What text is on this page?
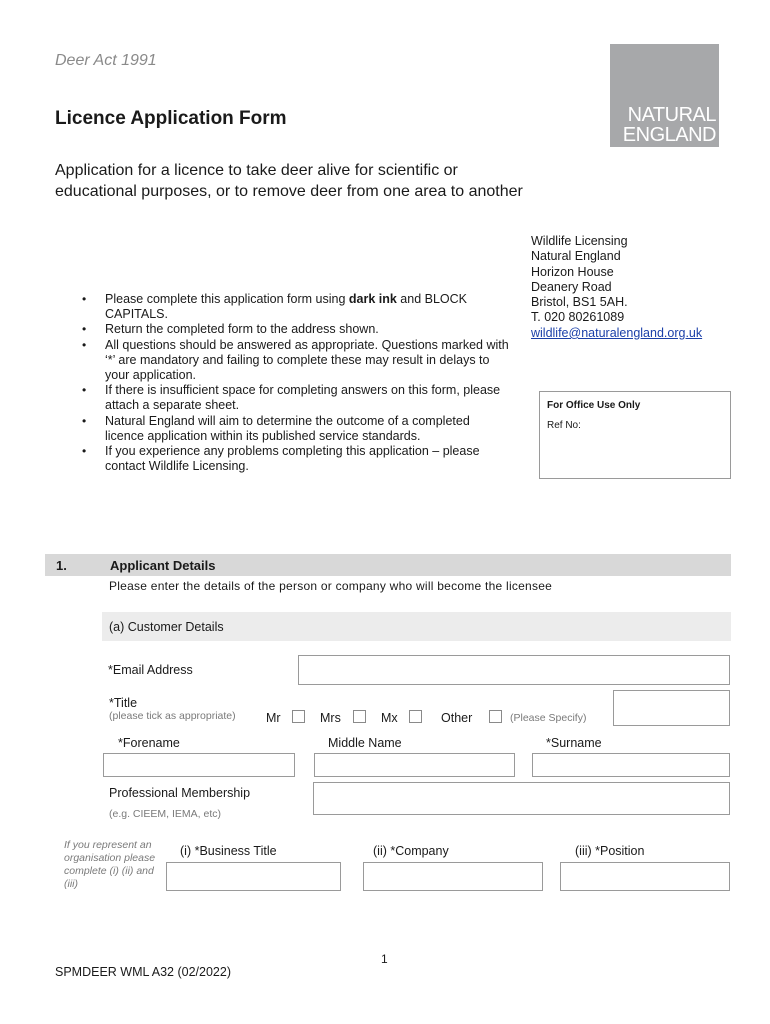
Deer Act 1991
Licence Application Form
Application for a licence to take deer alive for scientific or
educational purposes, or to remove deer from one area to another
NATURAL
ENGLAND
Wildlife Licensing
Natural England
Horizon House
Deanery Road
Bristol, BS1 5AH.
T. 020 80261089
wildlife@naturalengland.org.uk
• Please complete this application form using dark ink and BLOCK CAPITALS.
• Return the completed form to the address shown.
• All questions should be answered as appropriate. Questions marked with ‘*’ are mandatory and failing to complete these may result in delays to your application.
• If there is insufficient space for completing answers on this form, please attach a separate sheet.
• Natural England will aim to determine the outcome of a completed licence application within its published service standards.
• If you experience any problems completing this application – please contact Wildlife Licensing.
For Office Use Only
Ref No:
1.	Applicant Details
Please enter the details of the person or company who will become the licensee
(a) Customer Details
*Email Address
*Title
(please tick as appropriate) Mr	Mrs	Mx	Other	(Please Specify)
*Forename	Middle Name	*Surname
Professional Membership
(e.g. CIEEM, IEMA, etc)
If you represent an organisation please complete (i) (ii) and (iii)
(i) *Business Title	(ii) *Company	(iii) *Position
1
SPMDEER WML A32 (02/2022)
